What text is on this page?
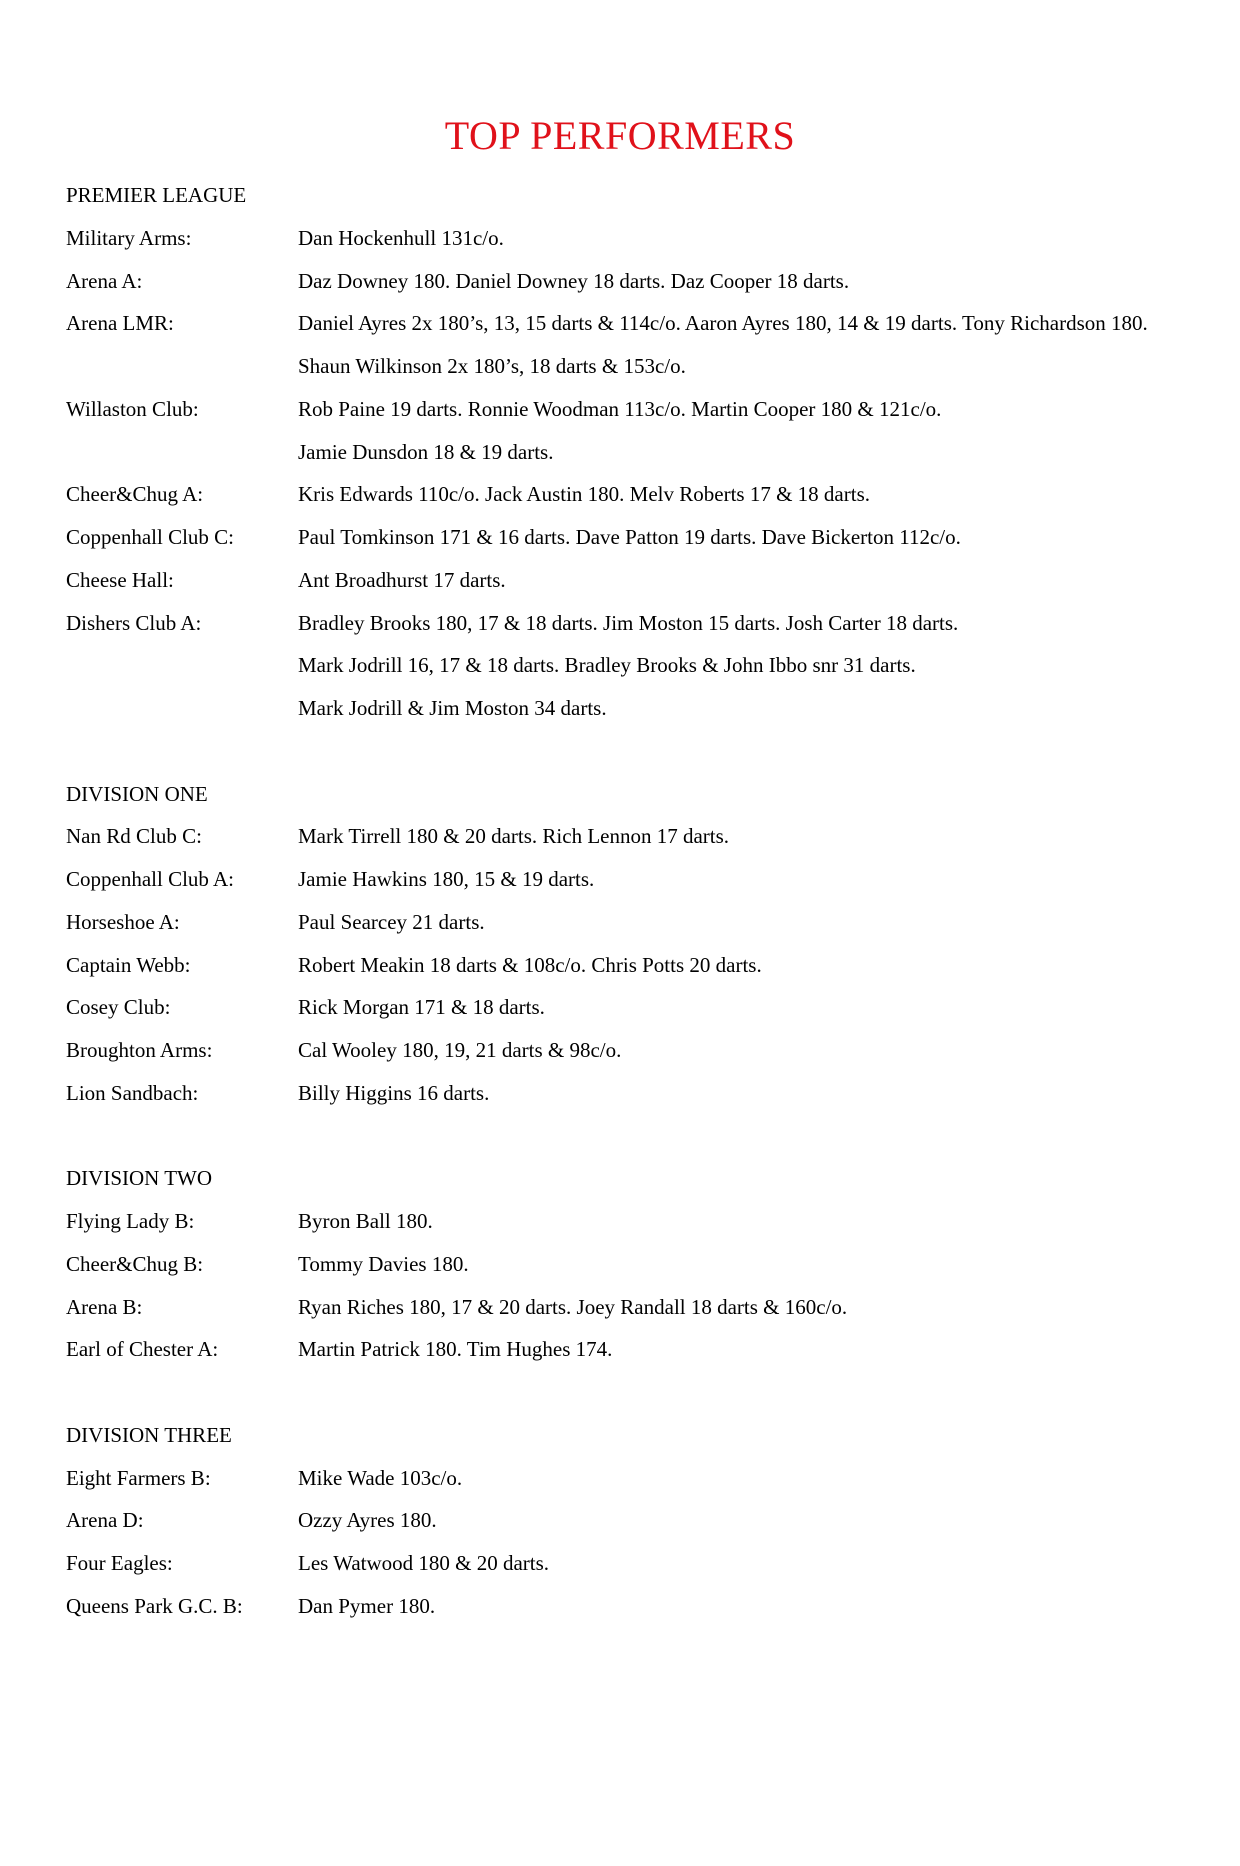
TOP PERFORMERS
PREMIER LEAGUE
Military Arms:	Dan Hockenhull 131c/o.
Arena A:	Daz Downey 180. Daniel Downey 18 darts. Daz Cooper 18 darts.
Arena LMR:	Daniel Ayres 2x 180’s, 13, 15 darts & 114c/o. Aaron Ayres 180, 14 & 19 darts. Tony Richardson 180.
Shaun Wilkinson 2x 180’s, 18 darts & 153c/o.
Willaston Club:	Rob Paine 19 darts. Ronnie Woodman 113c/o. Martin Cooper 180 & 121c/o.
Jamie Dunsdon 18 & 19 darts.
Cheer&Chug A:	Kris Edwards 110c/o. Jack Austin 180. Melv Roberts 17 & 18 darts.
Coppenhall Club C:	Paul Tomkinson 171 & 16 darts. Dave Patton 19 darts. Dave Bickerton 112c/o.
Cheese Hall:	Ant Broadhurst 17 darts.
Dishers Club A:	Bradley Brooks 180, 17 & 18 darts. Jim Moston 15 darts. Josh Carter 18 darts.
Mark Jodrill 16, 17 & 18 darts. Bradley Brooks & John Ibbo snr 31 darts.
Mark Jodrill & Jim Moston 34 darts.
DIVISION ONE
Nan Rd Club C:	Mark Tirrell 180 & 20 darts. Rich Lennon 17 darts.
Coppenhall Club A:	Jamie Hawkins 180, 15 & 19 darts.
Horseshoe A:	Paul Searcey 21 darts.
Captain Webb:	Robert Meakin 18 darts & 108c/o. Chris Potts 20 darts.
Cosey Club:	Rick Morgan 171 & 18 darts.
Broughton Arms:	Cal Wooley 180, 19, 21 darts & 98c/o.
Lion Sandbach:	Billy Higgins 16 darts.
DIVISION TWO
Flying Lady B:	Byron Ball 180.
Cheer&Chug B:	Tommy Davies 180.
Arena B:	Ryan Riches 180, 17 & 20 darts. Joey Randall 18 darts & 160c/o.
Earl of Chester A:	Martin Patrick 180. Tim Hughes 174.
DIVISION THREE
Eight Farmers B:	Mike Wade 103c/o.
Arena D:	Ozzy Ayres 180.
Four Eagles:	Les Watwood 180 & 20 darts.
Queens Park G.C. B:	Dan Pymer 180.
